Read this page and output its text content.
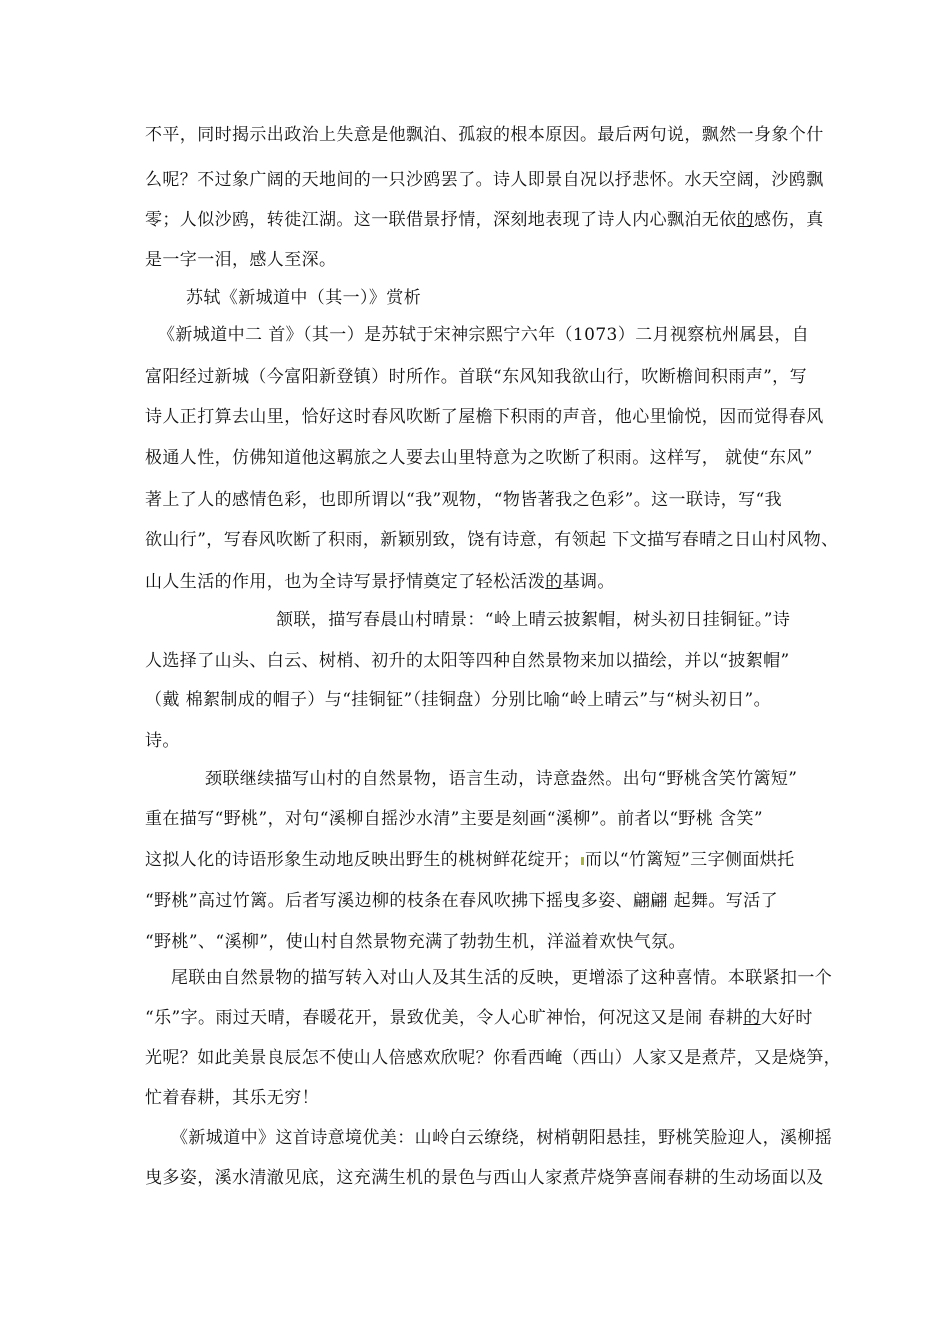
不平，同时揭示出政治上失意是他飘泊、孤寂的根本原因。最后两句说，飘然一身象个什
么呢？不过象广阔的天地间的一只沙鸥罢了。诗人即景自况以抒悲怀。水天空阔，沙鸥飘
零；人似沙鸥，转徙江湖。这一联借景抒情，深刻地表现了诗人内心飘泊无依的感伤，真
是一字一泪，感人至深。
苏轼《新城道中（其一）》赏析
《新城道中二 首》（其一）是苏轼于宋神宗熙宁六年（1073）二月视察杭州属县，自
富阳经过新城（今富阳新登镇）时所作。首联“东风知我欲山行，吹断檐间积雨声”，写
诗人正打算去山里，恰好这时春风吹断了屋檐下积雨的声音，他心里愉悦，因而觉得春风
极通人性，仿佛知道他这羁旅之人要去山里特意为之吹断了积雨。这样写， 就使“东风”
著上了人的感情色彩，也即所谓以“我”观物，“物皆著我之色彩”。这一联诗，写“我
欲山行”，写春风吹断了积雨，新颖别致，饶有诗意，有领起 下文描写春晴之日山村风物、
山人生活的作用，也为全诗写景抒情奠定了轻松活泼的基调。
颔联，描写春晨山村晴景：“岭上晴云披絮帽，树头初日挂铜钲。”诗
人选择了山头、白云、树梢、初升的太阳等四种自然景物来加以描绘，并以“披絮帽”
（戴 棉絮制成的帽子）与“挂铜钲”（挂铜盘）分别比喻“岭上晴云”与“树头初日”。
诗。
颈联继续描写山村的自然景物，语言生动，诗意盎然。出句“野桃含笑竹篱短”
重在描写“野桃”，对句“溪柳自摇沙水清”主要是刻画“溪柳”。前者以“野桃 含笑”
这拟人化的诗语形象生动地反映出野生的桃树鲜花绽开； 而以“竹篱短”三字侧面烘托
“野桃”高过竹篱。后者写溪边柳的枝条在春风吹拂下摇曳多姿、翩翩 起舞。写活了
“野桃”、“溪柳”，使山村自然景物充满了勃勃生机，洋溢着欢快气氛。
尾联由自然景物的描写转入对山人及其生活的反映，更增添了这种喜情。本联紧扣一个
“乐”字。雨过天晴，春暖花开，景致优美，令人心旷神怡，何况这又是闹 春耕的大好时
光呢？如此美景良辰怎不使山人倍感欢欣呢？你看西崦（西山）人家又是煮芹，又是烧笋，
忙着春耕，其乐无穷！
《新城道中》这首诗意境优美：山岭白云缭绕，树梢朝阳悬挂，野桃笑脸迎人，溪柳摇
曳多姿，溪水清澈见底，这充满生机的景色与西山人家煮芹烧笋喜闹春耕的生动场面以及
